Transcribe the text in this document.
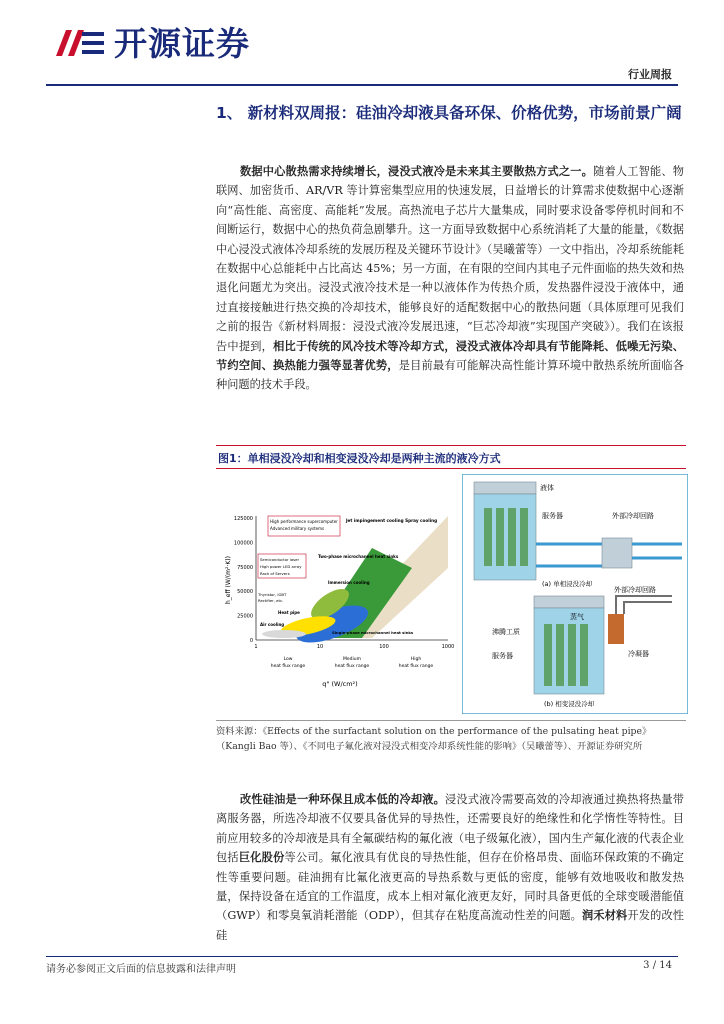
开源证券
行业周报
1、 新材料双周报：硅油冷却液具备环保、价格优势，市场前景广阔
数据中心散热需求持续增长，浸没式液冷是未来其主要散热方式之一。随着人工智能、物联网、加密货币、AR/VR 等计算密集型应用的快速发展，日益增长的计算需求使数据中心逐渐向“高性能、高密度、高能耗”发展。高热流电子芯片大量集成，同时要求设备零停机时间和不间断运行，数据中心的热负荷急剧攀升。这一方面导致数据中心系统消耗了大量的能量，《数据中心浸没式液体冷却系统的发展历程及关键环节设计》（吴曦蕾等）一文中指出，冷却系统能耗在数据中心总能耗中占比高达 45%；另一方面，在有限的空间内其电子元件面临的热失效和热退化问题尤为突出。浸没式液冷技术是一种以液体作为传热介质，发热器件浸没于液体中，通过直接接触进行热交换的冷却技术，能够良好的适配数据中心的散热问题（具体原理可见我们之前的报告《新材料周报：浸没式液冷发展迅速，“巨芯冷却液”实现国产突破》）。我们在该报告中提到，相比于传统的风冷技术等冷却方式，浸没式液体冷却具有节能降耗、低噪无污染、节约空间、换热能力强等显著优势，是目前最有可能解决高性能计算环境中散热系统所面临各种问题的技术手段。
图1：单相浸没冷却和相变浸没冷却是两种主流的液冷方式
125000
100000
75000
50000
25000
0
1	10	100	1000
h_eff (W/(m²·K))
q" (W/cm²)
High performance supercomputer
Advanced military systems
Semiconductor laser
High power LED array
Rack of Servers
Thyristor, IGBT
Rectifier, etc.
Jet impingement cooling Spray cooling
Two-phase microchannel heat sinks
Immersion cooling
Heat pipe
Air cooling
Single-phase microchannel heat sinks
Low
heat flux range
Medium
heat flux range
High
heat flux range
液体
服务器	外部冷却回路
(a) 单相浸没冷却
外部冷却回路
沸腾工质
蒸气
服务器	冷凝器
(b) 相变浸没冷却
资料来源：《Effects of the surfactant solution on the performance of the pulsating heat pipe》（Kangli Bao 等）、《不同电子氟化液对浸没式相变冷却系统性能的影响》（吴曦蕾等）、开源证券研究所
改性硅油是一种环保且成本低的冷却液。浸没式液冷需要高效的冷却液通过换热将热量带离服务器，所选冷却液不仅要具备优异的导热性，还需要良好的绝缘性和化学惰性等特性。目前应用较多的冷却液是具有全氟碳结构的氟化液（电子级氟化液），国内生产氟化液的代表企业包括巨化股份等公司。氟化液具有优良的导热性能，但存在价格昂贵、面临环保政策的不确定性等重要问题。硅油拥有比氟化液更高的导热系数与更低的密度，能够有效地吸收和散发热量，保持设备在适宜的工作温度，成本上相对氟化液更友好，同时具备更低的全球变暖潜能值（GWP）和零臭氧消耗潜能（ODP），但其存在粘度高流动性差的问题。润禾材料开发的改性硅
请务必参阅正文后面的信息披露和法律声明	3 / 14
